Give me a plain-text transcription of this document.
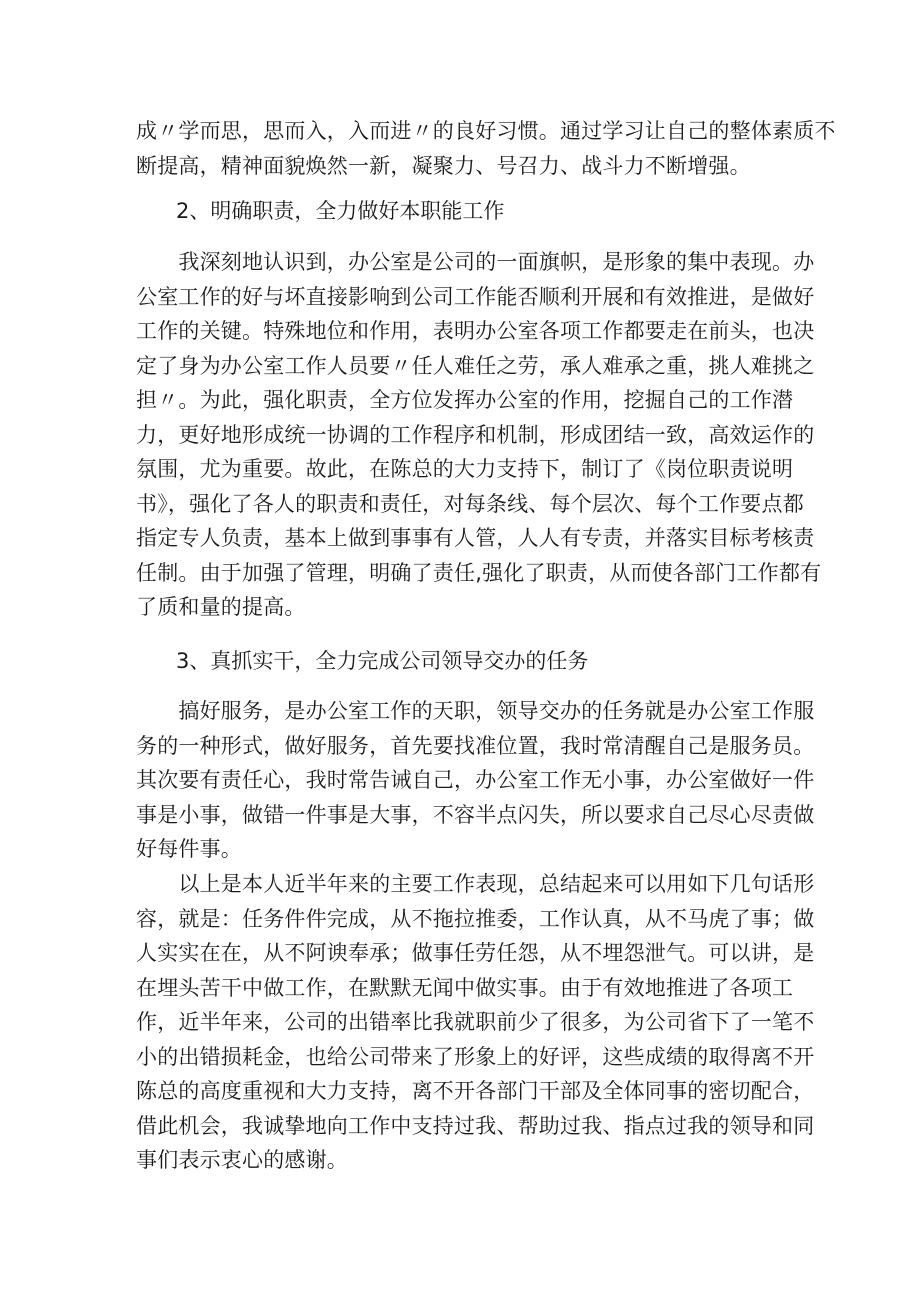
成〃学而思，思而入，入而进〃的良好习惯。通过学习让自己的整体素质不
断提高，精神面貌焕然一新，凝聚力、号召力、战斗力不断增强。
2、明确职责，全力做好本职能工作
　　我深刻地认识到，办公室是公司的一面旗帜，是形象的集中表现。办
公室工作的好与坏直接影响到公司工作能否顺利开展和有效推进，是做好
工作的关键。特殊地位和作用，表明办公室各项工作都要走在前头，也决
定了身为办公室工作人员要〃任人难任之劳，承人难承之重，挑人难挑之
担〃。为此，强化职责，全方位发挥办公室的作用，挖掘自己的工作潜
力，更好地形成统一协调的工作程序和机制，形成团结一致，高效运作的
氛围，尤为重要。故此，在陈总的大力支持下，制订了《岗位职责说明
书》，强化了各人的职责和责任，对每条线、每个层次、每个工作要点都
指定专人负责，基本上做到事事有人管，人人有专责，并落实目标考核责
任制。由于加强了管理，明确了责任,强化了职责，从而使各部门工作都有
了质和量的提高。
3、真抓实干，全力完成公司领导交办的任务
　　搞好服务，是办公室工作的天职，领导交办的任务就是办公室工作服
务的一种形式，做好服务，首先要找准位置，我时常清醒自己是服务员。
其次要有责任心，我时常告诫自己，办公室工作无小事，办公室做好一件
事是小事，做错一件事是大事，不容半点闪失，所以要求自己尽心尽责做
好每件事。
　　以上是本人近半年来的主要工作表现，总结起来可以用如下几句话形
容，就是：任务件件完成，从不拖拉推委，工作认真，从不马虎了事；做
人实实在在，从不阿谀奉承；做事任劳任怨，从不埋怨泄气。可以讲，是
在埋头苦干中做工作，在默默无闻中做实事。由于有效地推进了各项工
作，近半年来，公司的出错率比我就职前少了很多，为公司省下了一笔不
小的出错损耗金，也给公司带来了形象上的好评，这些成绩的取得离不开
陈总的高度重视和大力支持，离不开各部门干部及全体同事的密切配合，
借此机会，我诚挚地向工作中支持过我、帮助过我、指点过我的领导和同
事们表示衷心的感谢。
